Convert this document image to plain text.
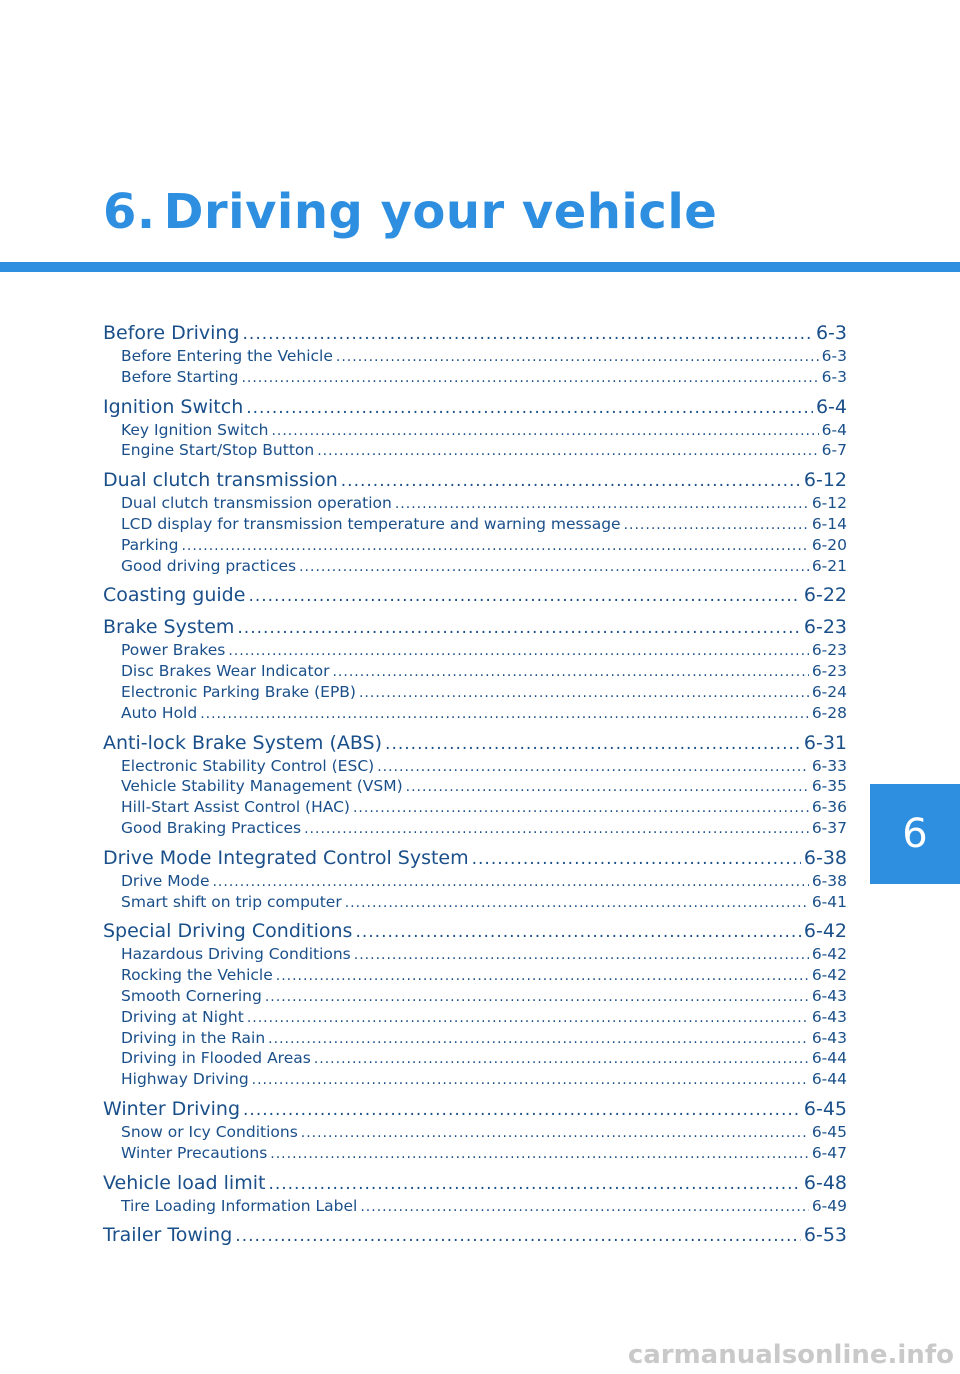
6. Driving your vehicle
Before Driving .....	6-3
Before Entering the Vehicle .....	6-3
Before Starting .....	6-3
Ignition Switch .....	6-4
Key Ignition Switch .....	6-4
Engine Start/Stop Button .....	6-7
Dual clutch transmission .....	6-12
Dual clutch transmission operation .....	6-12
LCD display for transmission temperature and warning message .....	6-14
Parking .....	6-20
Good driving practices .....	6-21
Coasting guide .....	6-22
Brake System .....	6-23
Power Brakes .....	6-23
Disc Brakes Wear Indicator .....	6-23
Electronic Parking Brake (EPB) .....	6-24
Auto Hold .....	6-28
Anti-lock Brake System (ABS) .....	6-31
Electronic Stability Control (ESC) .....	6-33
Vehicle Stability Management (VSM) .....	6-35
Hill-Start Assist Control (HAC) .....	6-36
Good Braking Practices .....	6-37
Drive Mode Integrated Control System .....	6-38
Drive Mode .....	6-38
Smart shift on trip computer .....	6-41
Special Driving Conditions .....	6-42
Hazardous Driving Conditions .....	6-42
Rocking the Vehicle .....	6-42
Smooth Cornering .....	6-43
Driving at Night .....	6-43
Driving in the Rain .....	6-43
Driving in Flooded Areas .....	6-44
Highway Driving .....	6-44
Winter Driving .....	6-45
Snow or Icy Conditions .....	6-45
Winter Precautions .....	6-47
Vehicle load limit .....	6-48
Tire Loading Information Label .....	6-49
Trailer Towing .....	6-53
6
carmanualsonline.info
